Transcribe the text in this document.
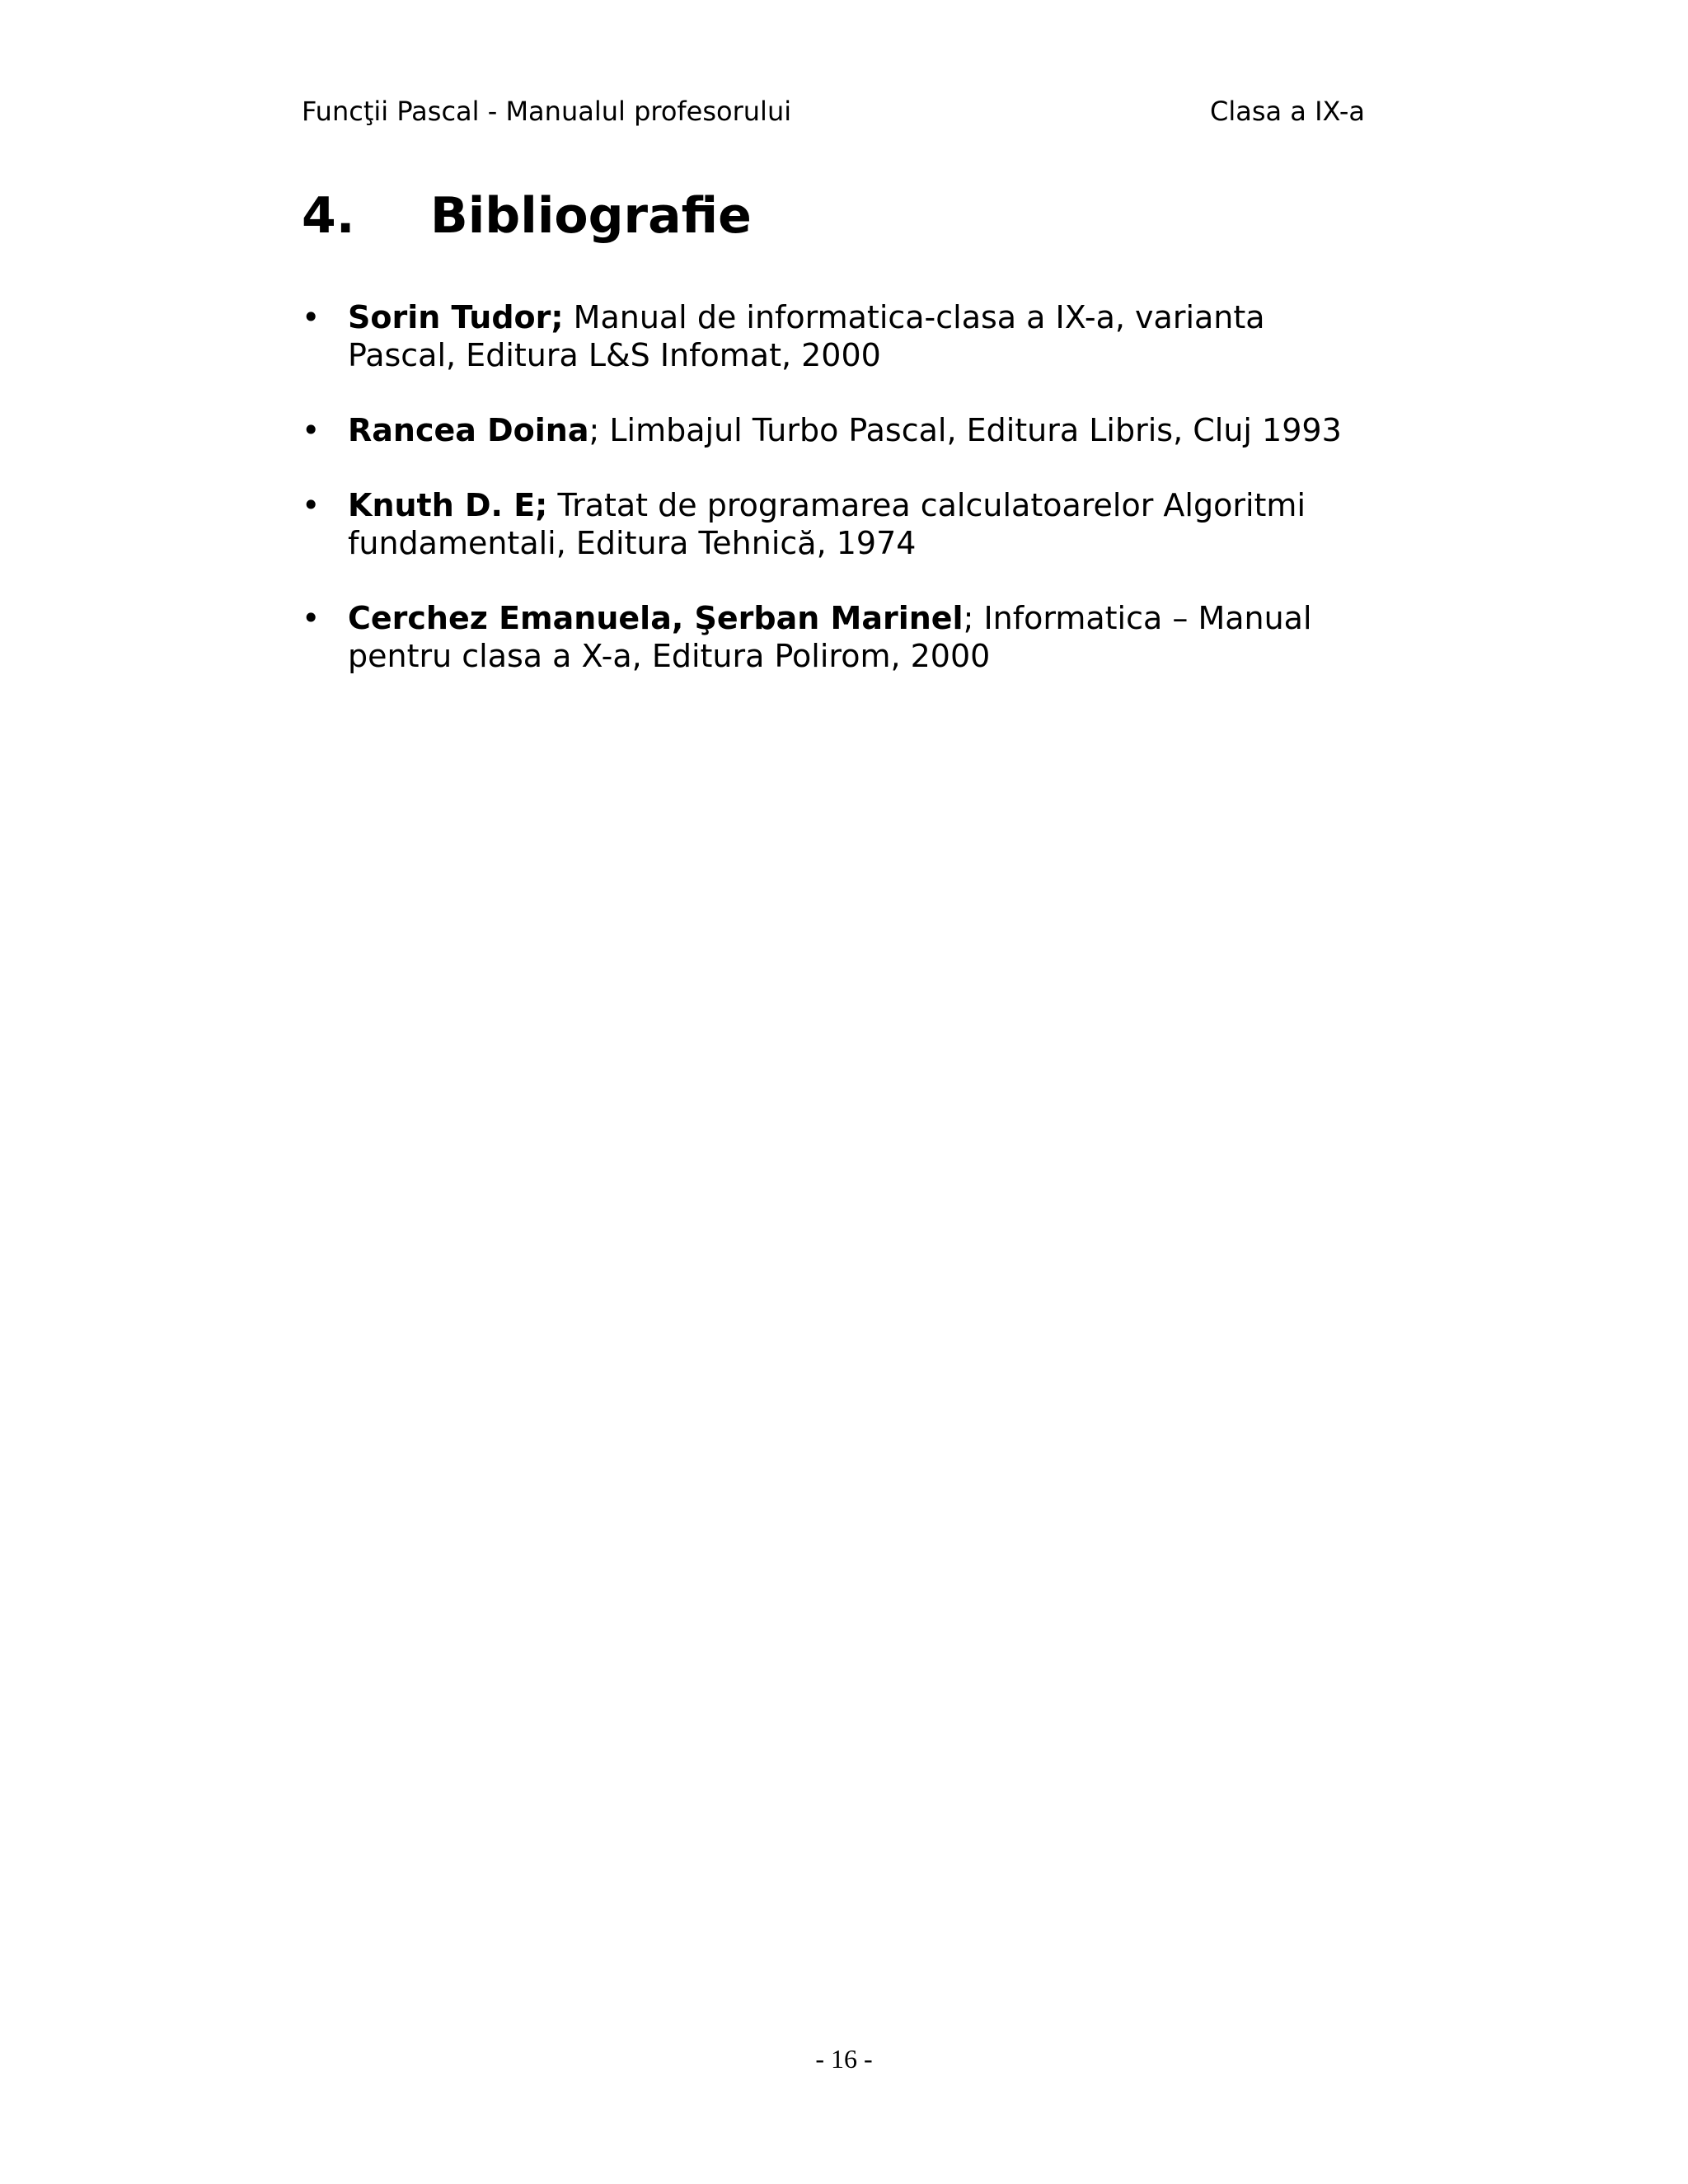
Funcţii Pascal - Manualul profesorului	Clasa a IX-a
4. Bibliografie
• Sorin Tudor; Manual de informatica-clasa a IX-a, varianta Pascal, Editura L&S Infomat, 2000
• Rancea Doina; Limbajul Turbo Pascal, Editura Libris, Cluj 1993
• Knuth D. E; Tratat de programarea calculatoarelor Algoritmi fundamentali, Editura Tehnică, 1974
• Cerchez Emanuela, Şerban Marinel; Informatica – Manual pentru clasa a X-a, Editura Polirom, 2000
- 16 -
